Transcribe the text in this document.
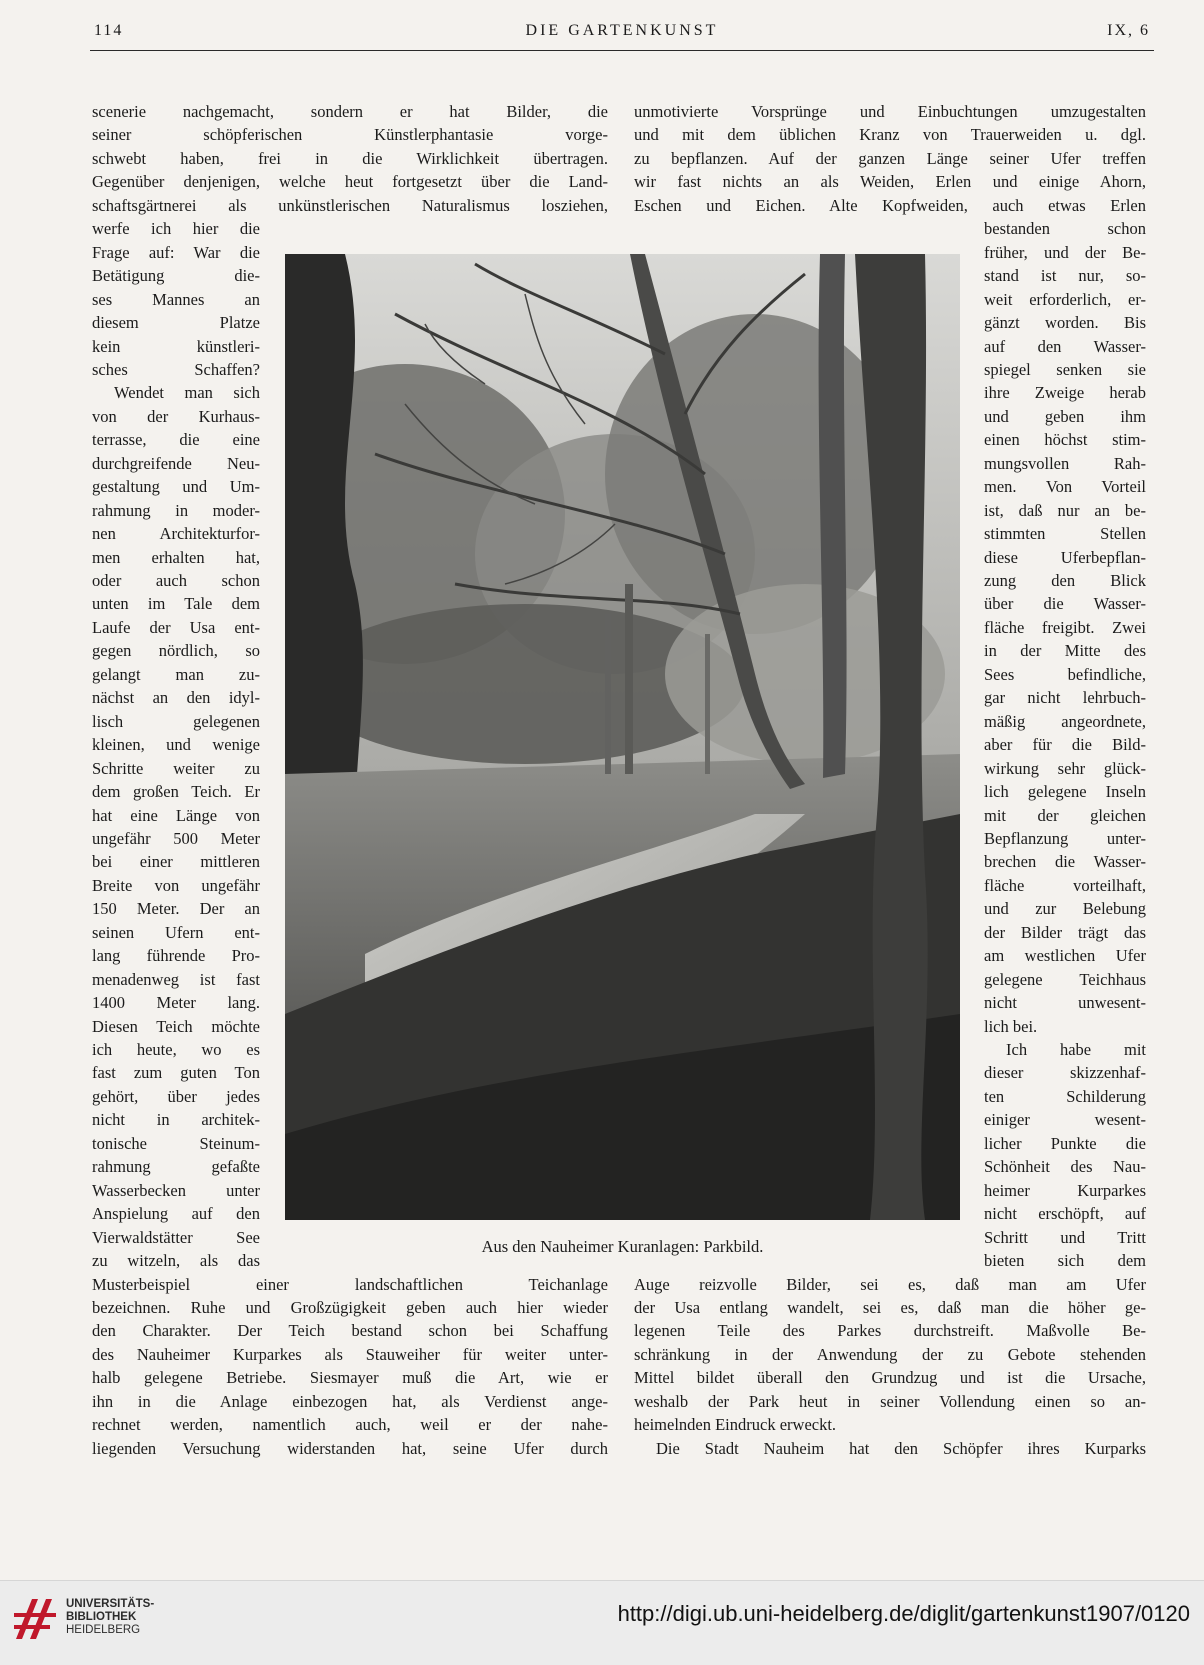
114	DIE GARTENKUNST	IX, 6
scenerie nachgemacht, sondern er hat Bilder, die
seiner schöpferischen Künstlerphantasie vorge-
schwebt haben, frei in die Wirklichkeit übertragen.
Gegenüber denjenigen, welche heut fortgesetzt über die Land-
schaftsgärtnerei als unkünstlerischen Naturalismus losziehen,
werfe ich hier die
Frage auf: War die
Betätigung die-
ses Mannes an
diesem Platze
kein künstleri-
sches Schaffen?
Wendet man sich
von der Kurhaus-
terrasse, die eine
durchgreifende Neu-
gestaltung und Um-
rahmung in moder-
nen Architekturfor-
men erhalten hat,
oder auch schon
unten im Tale dem
Laufe der Usa ent-
gegen nördlich, so
gelangt man zu-
nächst an den idyl-
lisch gelegenen
kleinen, und wenige
Schritte weiter zu
dem großen Teich. Er
hat eine Länge von
ungefähr 500 Meter
bei einer mittleren
Breite von ungefähr
150 Meter. Der an
seinen Ufern ent-
lang führende Pro-
menadenweg ist fast
1400 Meter lang.
Diesen Teich möchte
ich heute, wo es
fast zum guten Ton
gehört, über jedes
nicht in architek-
tonische Steinum-
rahmung gefaßte
Wasserbecken unter
Anspielung auf den
Vierwaldstätter See
zu witzeln, als das
Musterbeispiel einer landschaftlichen Teichanlage
bezeichnen. Ruhe und Großzügigkeit geben auch hier wieder
den Charakter. Der Teich bestand schon bei Schaffung
des Nauheimer Kurparkes als Stauweiher für weiter unter-
halb gelegene Betriebe. Siesmayer muß die Art, wie er
ihn in die Anlage einbezogen hat, als Verdienst ange-
rechnet werden, namentlich auch, weil er der nahe-
liegenden Versuchung widerstanden hat, seine Ufer durch
unmotivierte Vorsprünge und Einbuchtungen umzugestalten
und mit dem üblichen Kranz von Trauerweiden u. dgl.
zu bepflanzen. Auf der ganzen Länge seiner Ufer treffen
wir fast nichts an als Weiden, Erlen und einige Ahorn,
Eschen und Eichen. Alte Kopfweiden, auch etwas Erlen
bestanden schon
früher, und der Be-
stand ist nur, so-
weit erforderlich, er-
gänzt worden. Bis
auf den Wasser-
spiegel senken sie
ihre Zweige herab
und geben ihm
einen höchst stim-
mungsvollen Rah-
men. Von Vorteil
ist, daß nur an be-
stimmten Stellen
diese Uferbepflan-
zung den Blick
über die Wasser-
fläche freigibt. Zwei
in der Mitte des
Sees befindliche,
gar nicht lehrbuch-
mäßig angeordnete,
aber für die Bild-
wirkung sehr glück-
lich gelegene Inseln
mit der gleichen
Bepflanzung unter-
brechen die Wasser-
fläche vorteilhaft,
und zur Belebung
der Bilder trägt das
am westlichen Ufer
gelegene Teichhaus
nicht unwesent-
lich bei.
Ich habe mit
dieser skizzenhaf-
ten Schilderung
einiger wesent-
licher Punkte die
Schönheit des Nau-
heimer Kurparkes
nicht erschöpft, auf
Schritt und Tritt
bieten sich dem
Auge reizvolle Bilder, sei es, daß man am Ufer
der Usa entlang wandelt, sei es, daß man die höher ge-
legenen Teile des Parkes durchstreift. Maßvolle Be-
schränkung in der Anwendung der zu Gebote stehenden
Mittel bildet überall den Grundzug und ist die Ursache,
weshalb der Park heut in seiner Vollendung einen so an-
heimelnden Eindruck erweckt.
Die Stadt Nauheim hat den Schöpfer ihres Kurparks
Aus den Nauheimer Kuranlagen: Parkbild.
UNIVERSITÄTS-
BIBLIOTHEK
HEIDELBERG
http://digi.ub.uni-heidelberg.de/diglit/gartenkunst1907/0120
